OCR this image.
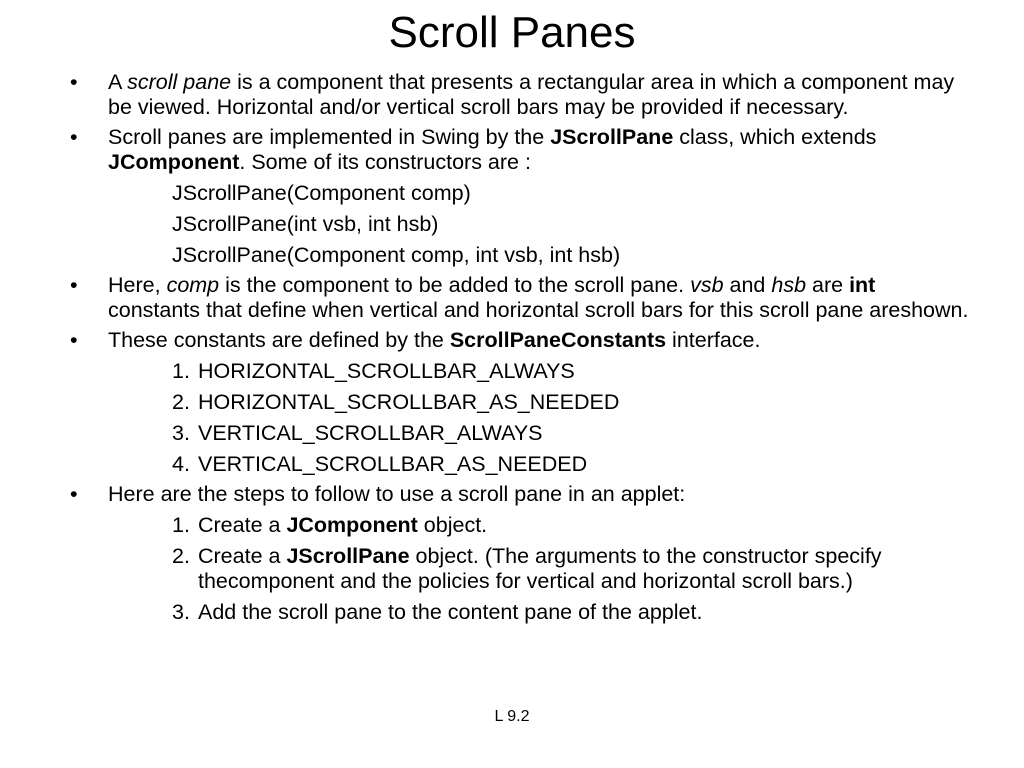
Scroll Panes
• A scroll pane is a component that presents a rectangular area in which a component may be viewed. Horizontal and/or vertical scroll bars may be provided if necessary.
• Scroll panes are implemented in Swing by the JScrollPane class, which extends JComponent. Some of its constructors are :
JScrollPane(Component comp)
JScrollPane(int vsb, int hsb)
JScrollPane(Component comp, int vsb, int hsb)
• Here, comp is the component to be added to the scroll pane. vsb and hsb are int constants that define when vertical and horizontal scroll bars for this scroll pane areshown.
• These constants are defined by the ScrollPaneConstants interface.
1. HORIZONTAL_SCROLLBAR_ALWAYS
2. HORIZONTAL_SCROLLBAR_AS_NEEDED
3. VERTICAL_SCROLLBAR_ALWAYS
4. VERTICAL_SCROLLBAR_AS_NEEDED
• Here are the steps to follow to use a scroll pane in an applet:
1. Create a JComponent object.
2. Create a JScrollPane object. (The arguments to the constructor specify thecomponent and the policies for vertical and horizontal scroll bars.)
3. Add the scroll pane to the content pane of the applet.
L 9.2
